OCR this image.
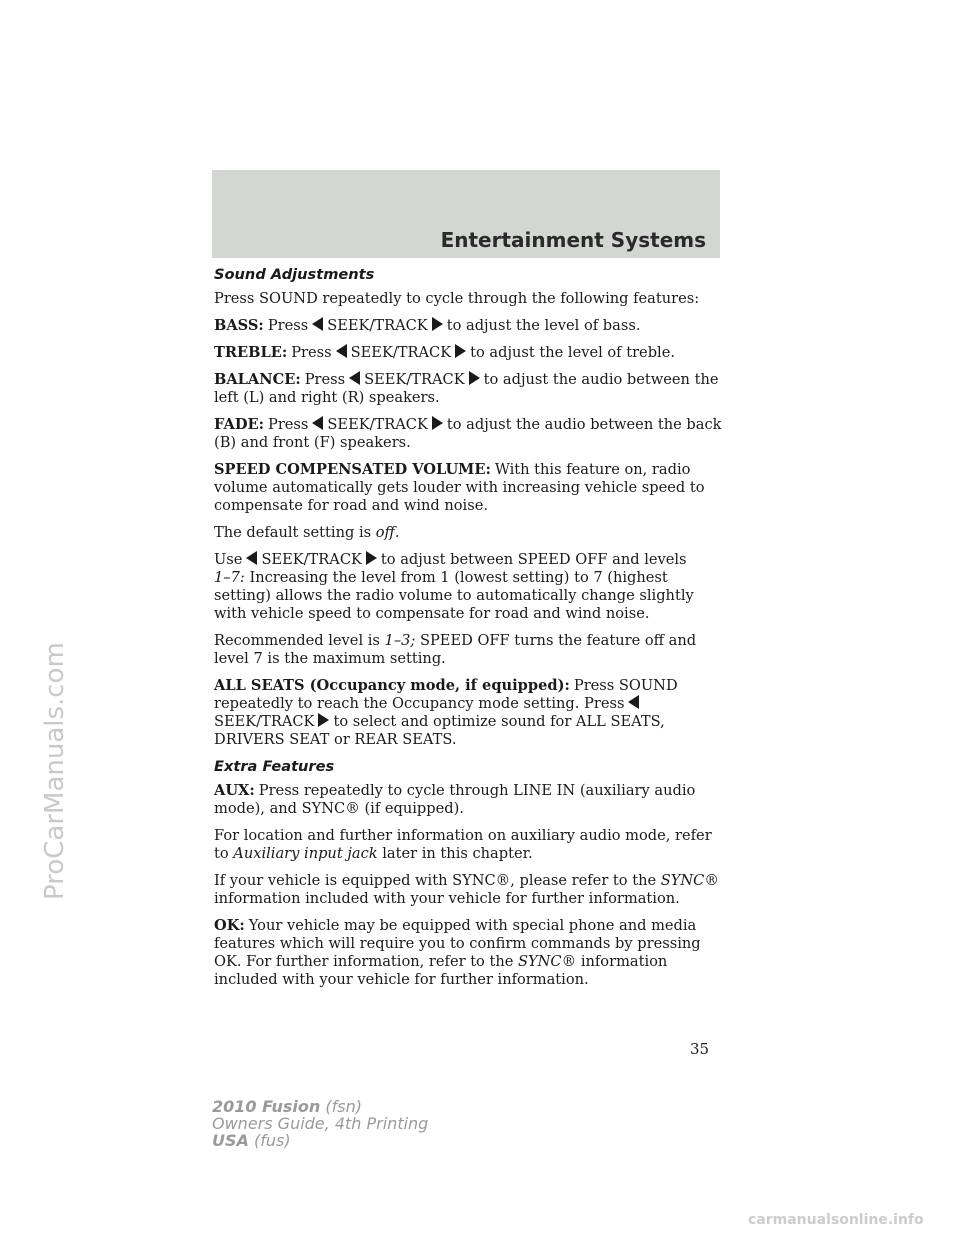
Entertainment Systems
Sound Adjustments

Press SOUND repeatedly to cycle through the following features:

BASS: Press SEEK/TRACK to adjust the level of bass.

TREBLE: Press SEEK/TRACK to adjust the level of treble.

BALANCE: Press SEEK/TRACK to adjust the audio between the left (L) and right (R) speakers.

FADE: Press SEEK/TRACK to adjust the audio between the back (B) and front (F) speakers.

SPEED COMPENSATED VOLUME: With this feature on, radio volume automatically gets louder with increasing vehicle speed to compensate for road and wind noise.

The default setting is off.

Use SEEK/TRACK to adjust between SPEED OFF and levels
1–7: Increasing the level from 1 (lowest setting) to 7 (highest setting) allows the radio volume to automatically change slightly with vehicle speed to compensate for road and wind noise.

Recommended level is 1–3; SPEED OFF turns the feature off and level 7 is the maximum setting.

ALL SEATS (Occupancy mode, if equipped): Press SOUND repeatedly to reach the Occupancy mode setting. PressSEEK/TRACK to select and optimize sound for ALL SEATS, DRIVERS SEAT or REAR SEATS.

Extra Features

AUX: Press repeatedly to cycle through LINE IN (auxiliary audio mode), and SYNC® (if equipped).

For location and further information on auxiliary audio mode, refer to Auxiliary input jack later in this chapter.

If your vehicle is equipped with SYNC®, please refer to the SYNC® information included with your vehicle for further information.

OK: Your vehicle may be equipped with special phone and media features which will require you to confirm commands by pressing OK. For further information, refer to the SYNC® information included with your vehicle for further information.

35
2010 Fusion (fsn)
Owners Guide, 4th Printing
USA (fus)
ProCarManuals.com
carmanualsonline.info
